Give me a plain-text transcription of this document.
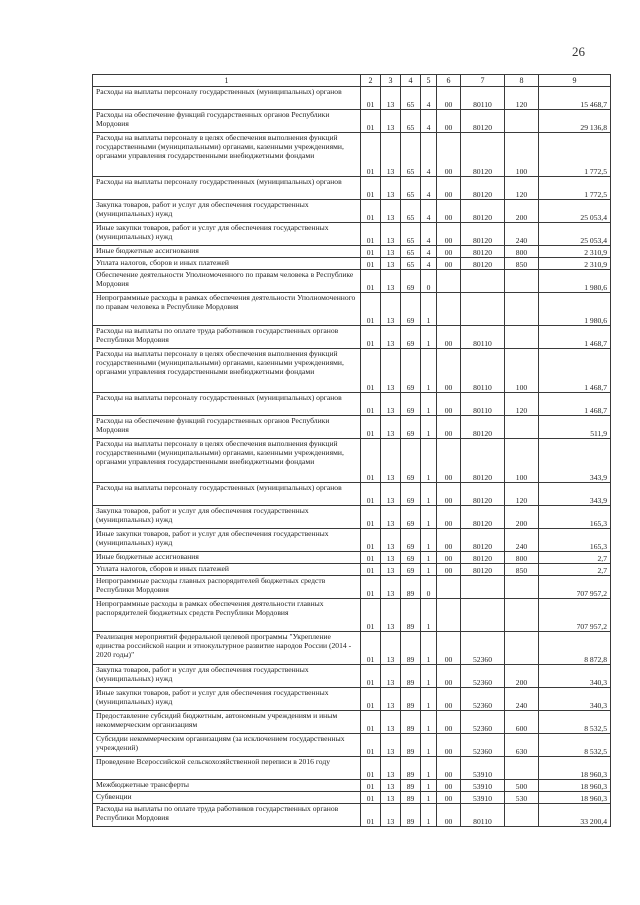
26
1	2	3	4	5	6	7	8	9
Расходы на выплаты персоналу государственных (муниципальных) органов	01	13	65	4	00	80110	120	15 468,7
Расходы на обеспечение функций государственных органов Республики Мордовия	01	13	65	4	00	80120		29 136,8
Расходы на выплаты персоналу в целях обеспечения выполнения функций государственными (муниципальными) органами, казенными учреждениями, органами управления государственными внебюджетными фондами	01	13	65	4	00	80120	100	1 772,5
Расходы на выплаты персоналу государственных (муниципальных) органов	01	13	65	4	00	80120	120	1 772,5
Закупка товаров, работ и услуг для обеспечения государственных (муниципальных) нужд	01	13	65	4	00	80120	200	25 053,4
Иные закупки товаров, работ и услуг для обеспечения государственных (муниципальных) нужд	01	13	65	4	00	80120	240	25 053,4
Иные бюджетные ассигнования	01	13	65	4	00	80120	800	2 310,9
Уплата налогов, сборов и иных платежей	01	13	65	4	00	80120	850	2 310,9
Обеспечение деятельности Уполномоченного по правам человека в Республике Мордовия	01	13	69	0				1 980,6
Непрограммные расходы в рамках обеспечения деятельности Уполномоченного по правам человека в Республике Мордовия	01	13	69	1				1 980,6
Расходы на выплаты по оплате труда работников государственных органов Республики Мордовия	01	13	69	1	00	80110		1 468,7
Расходы на выплаты персоналу в целях обеспечения выполнения функций государственными (муниципальными) органами, казенными учреждениями, органами управления государственными внебюджетными фондами	01	13	69	1	00	80110	100	1 468,7
Расходы на выплаты персоналу государственных (муниципальных) органов	01	13	69	1	00	80110	120	1 468,7
Расходы на обеспечение функций государственных органов Республики Мордовия	01	13	69	1	00	80120		511,9
Расходы на выплаты персоналу в целях обеспечения выполнения функций государственными (муниципальными) органами, казенными учреждениями, органами управления государственными внебюджетными фондами	01	13	69	1	00	80120	100	343,9
Расходы на выплаты персоналу государственных (муниципальных) органов	01	13	69	1	00	80120	120	343,9
Закупка товаров, работ и услуг для обеспечения государственных (муниципальных) нужд	01	13	69	1	00	80120	200	165,3
Иные закупки товаров, работ и услуг для обеспечения государственных (муниципальных) нужд	01	13	69	1	00	80120	240	165,3
Иные бюджетные ассигнования	01	13	69	1	00	80120	800	2,7
Уплата налогов, сборов и иных платежей	01	13	69	1	00	80120	850	2,7
Непрограммные расходы главных распорядителей бюджетных средств Республики Мордовия	01	13	89	0				707 957,2
Непрограммные расходы в рамках обеспечения деятельности главных распорядителей бюджетных средств Республики Мордовия	01	13	89	1				707 957,2
Реализация мероприятий федеральной целевой программы "Укрепление единства российской нации и этнокультурное развитие народов России (2014 - 2020 годы)"	01	13	89	1	00	52360		8 872,8
Закупка товаров, работ и услуг для обеспечения государственных (муниципальных) нужд	01	13	89	1	00	52360	200	340,3
Иные закупки товаров, работ и услуг для обеспечения государственных (муниципальных) нужд	01	13	89	1	00	52360	240	340,3
Предоставление субсидий бюджетным, автономным учреждениям и иным некоммерческим организациям	01	13	89	1	00	52360	600	8 532,5
Субсидии некоммерческим организациям (за исключением государственных учреждений)	01	13	89	1	00	52360	630	8 532,5
Проведение Всероссийской сельскохозяйственной переписи в 2016 году	01	13	89	1	00	53910		18 960,3
Межбюджетные трансферты	01	13	89	1	00	53910	500	18 960,3
Субвенции	01	13	89	1	00	53910	530	18 960,3
Расходы на выплаты по оплате труда работников государственных органов Республики Мордовия	01	13	89	1	00	80110		33 200,4
